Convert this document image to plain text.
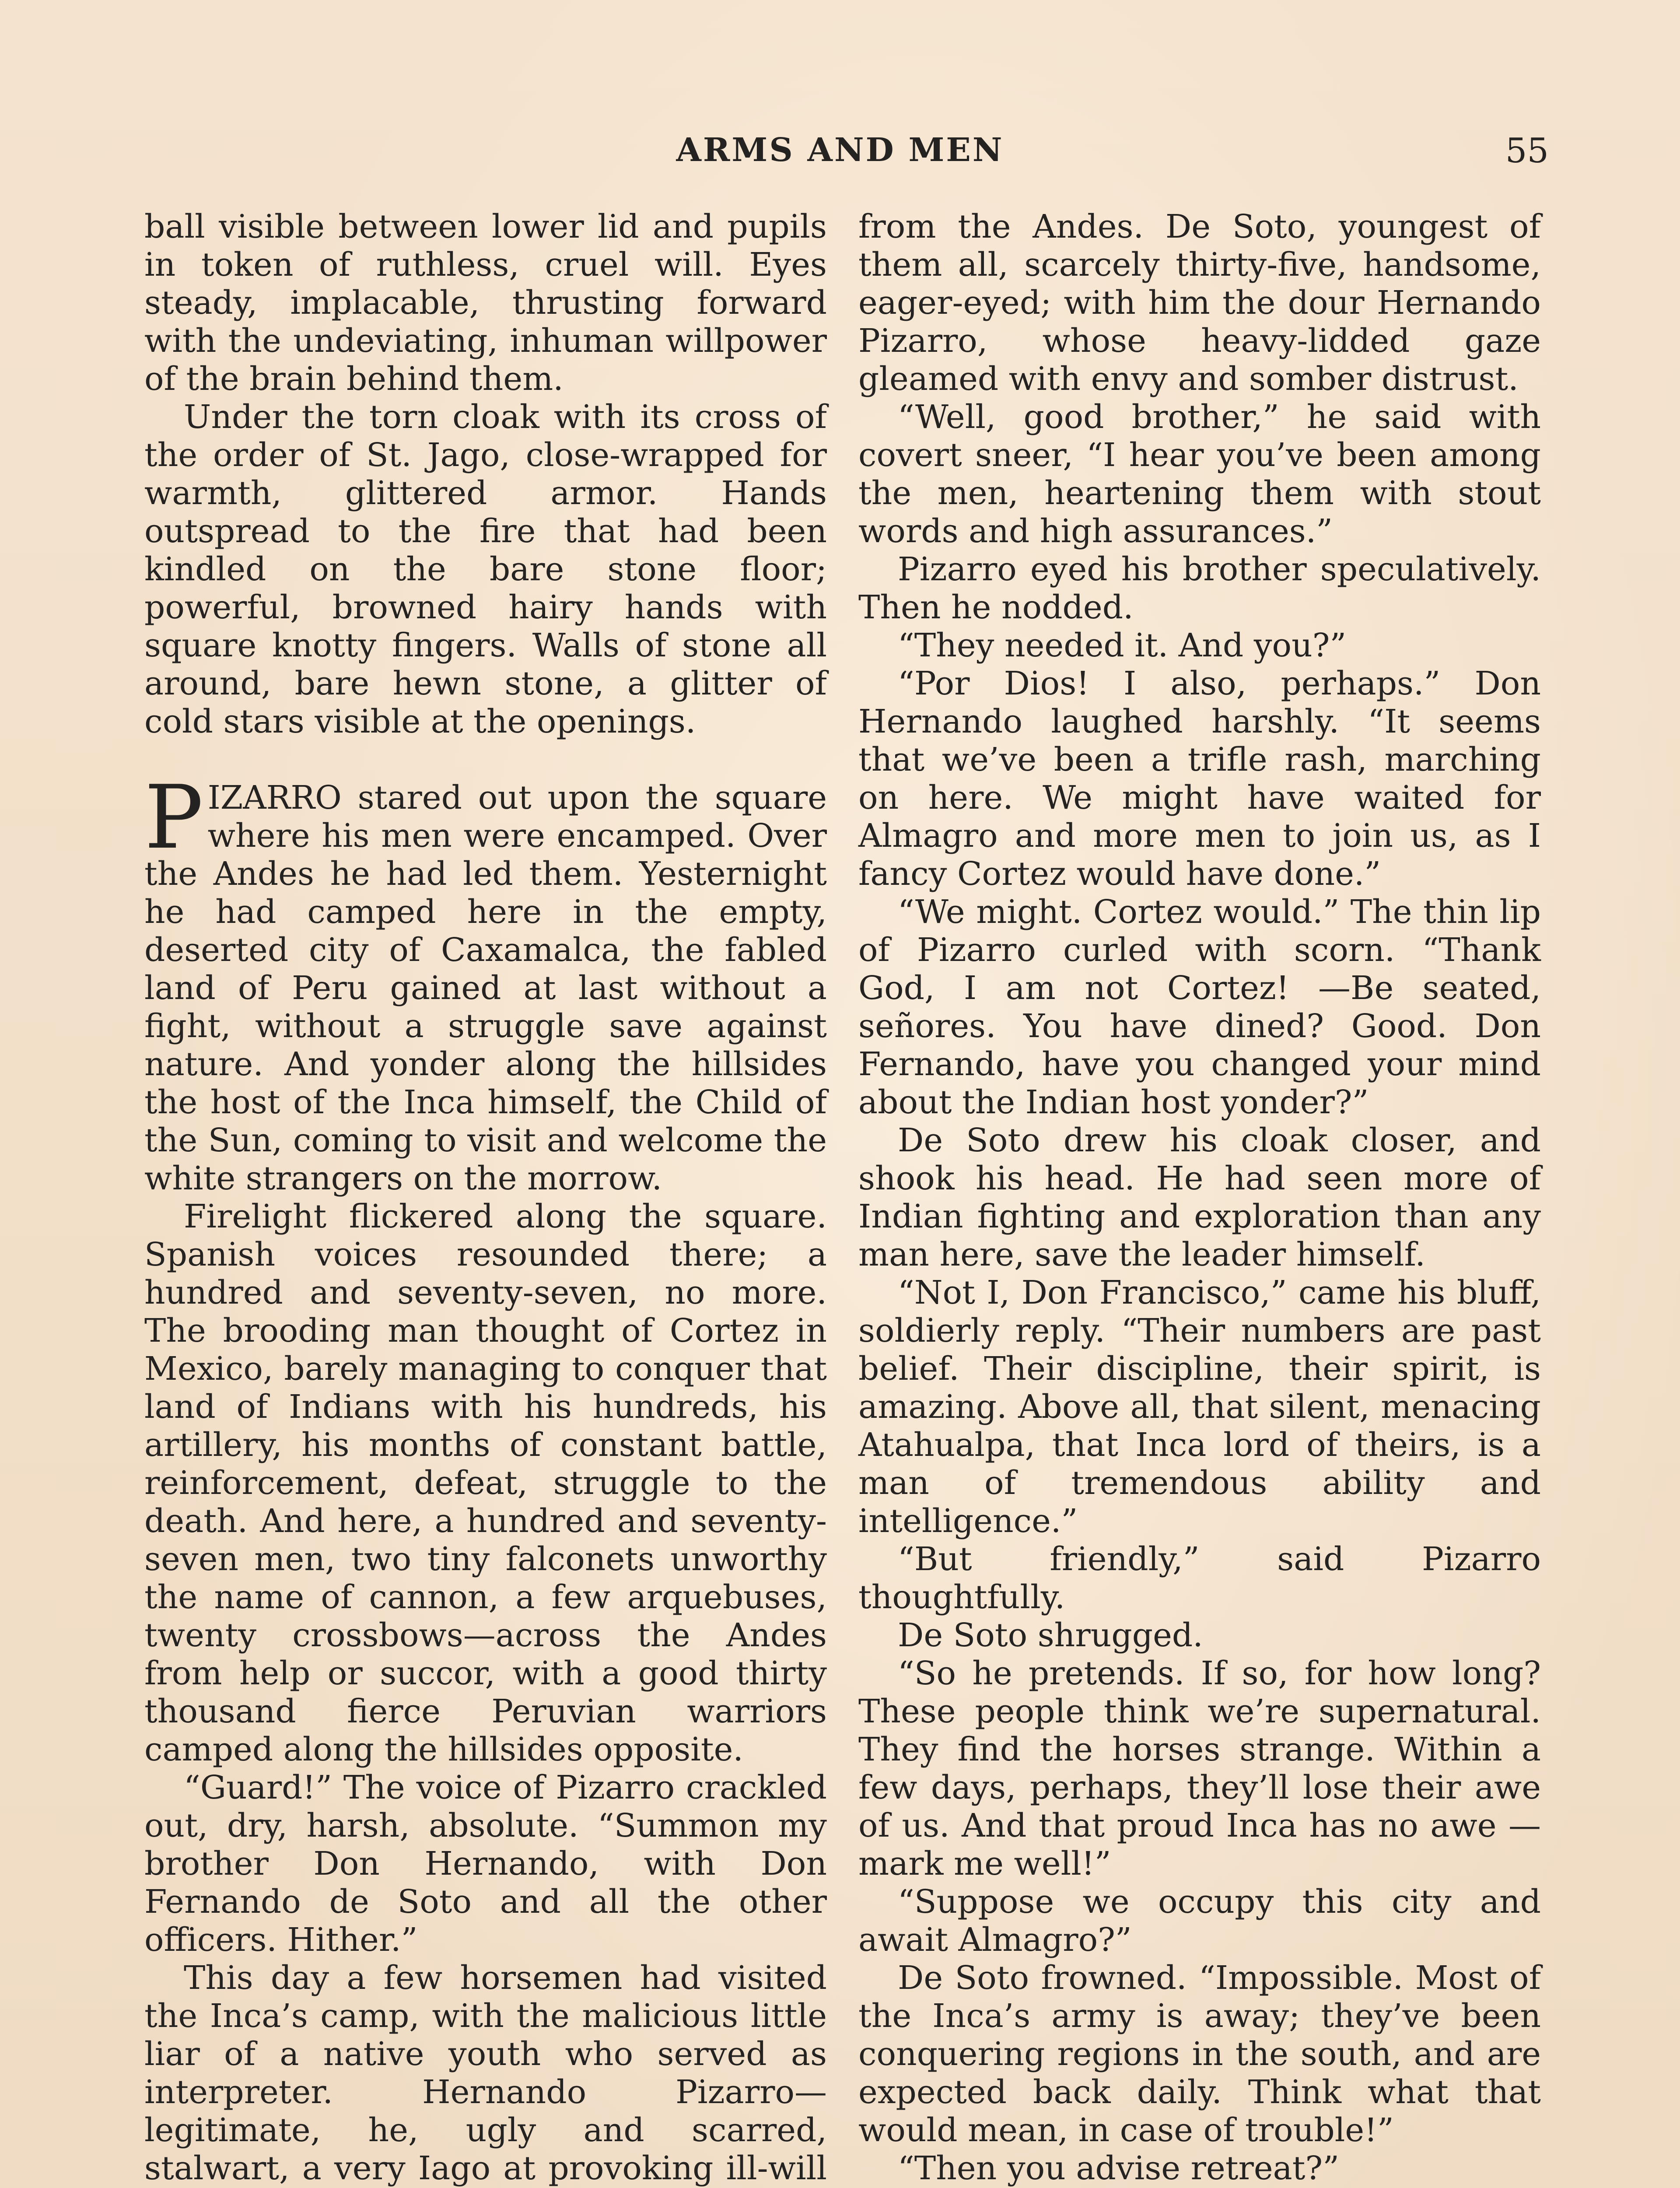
ARMS AND MEN	55

ball visible between lower lid and pupils in token of ruthless, cruel will. Eyes steady, implacable, thrusting forward with the undeviating, inhuman willpower of the brain behind them.

Under the torn cloak with its cross of the order of St. Jago, close-wrapped for warmth, glittered armor. Hands outspread to the fire that had been kindled on the bare stone floor; powerful, browned hairy hands with square knotty fingers. Walls of stone all around, bare hewn stone, a glitter of cold stars visible at the openings.

PIZARRO stared out upon the square where his men were encamped. Over the Andes he had led them. Yesternight he had camped here in the empty, deserted city of Caxamalca, the fabled land of Peru gained at last without a fight, without a struggle save against nature. And yonder along the hillsides the host of the Inca himself, the Child of the Sun, coming to visit and welcome the white strangers on the morrow.

Firelight flickered along the square. Spanish voices resounded there; a hundred and seventy-seven, no more. The brooding man thought of Cortez in Mexico, barely managing to conquer that land of Indians with his hundreds, his artillery, his months of constant battle, reinforcement, defeat, struggle to the death. And here, a hundred and seventy-seven men, two tiny falconets unworthy the name of cannon, a few arquebuses, twenty crossbows—across the Andes from help or succor, with a good thirty thousand fierce Peruvian warriors camped along the hillsides opposite.

“Guard!” The voice of Pizarro crackled out, dry, harsh, absolute. “Summon my brother Don Hernando, with Don Fernando de Soto and all the other officers. Hither.”

This day a few horsemen had visited the Inca’s camp, with the malicious little liar of a native youth who served as interpreter. Hernando Pizarro—legitimate, he, ugly and scarred, stalwart, a very Iago at provoking ill-will

from the Andes. De Soto, youngest of them all, scarcely thirty-five, handsome, eager-eyed; with him the dour Hernando Pizarro, whose heavy-lidded gaze gleamed with envy and somber distrust.

“Well, good brother,” he said with covert sneer, “I hear you’ve been among the men, heartening them with stout words and high assurances.”

Pizarro eyed his brother speculatively. Then he nodded.

“They needed it. And you?”

“Por Dios! I also, perhaps.” Don Hernando laughed harshly. “It seems that we’ve been a trifle rash, marching on here. We might have waited for Almagro and more men to join us, as I fancy Cortez would have done.”

“We might. Cortez would.” The thin lip of Pizarro curled with scorn. “Thank God, I am not Cortez! —Be seated, señores. You have dined? Good. Don Fernando, have you changed your mind about the Indian host yonder?”

De Soto drew his cloak closer, and shook his head. He had seen more of Indian fighting and exploration than any man here, save the leader himself.

“Not I, Don Francisco,” came his bluff, soldierly reply. “Their numbers are past belief. Their discipline, their spirit, is amazing. Above all, that silent, menacing Atahualpa, that Inca lord of theirs, is a man of tremendous ability and intelligence.”

“But friendly,” said Pizarro thoughtfully.

De Soto shrugged.

“So he pretends. If so, for how long? These people think we’re supernatural. They find the horses strange. Within a few days, perhaps, they’ll lose their awe of us. And that proud Inca has no awe —mark me well!”

“Suppose we occupy this city and await Almagro?”

De Soto frowned. “Impossible. Most of the Inca’s army is away; they’ve been conquering regions in the south, and are expected back daily. Think what that would mean, in case of trouble!”

“Then you advise retreat?”
